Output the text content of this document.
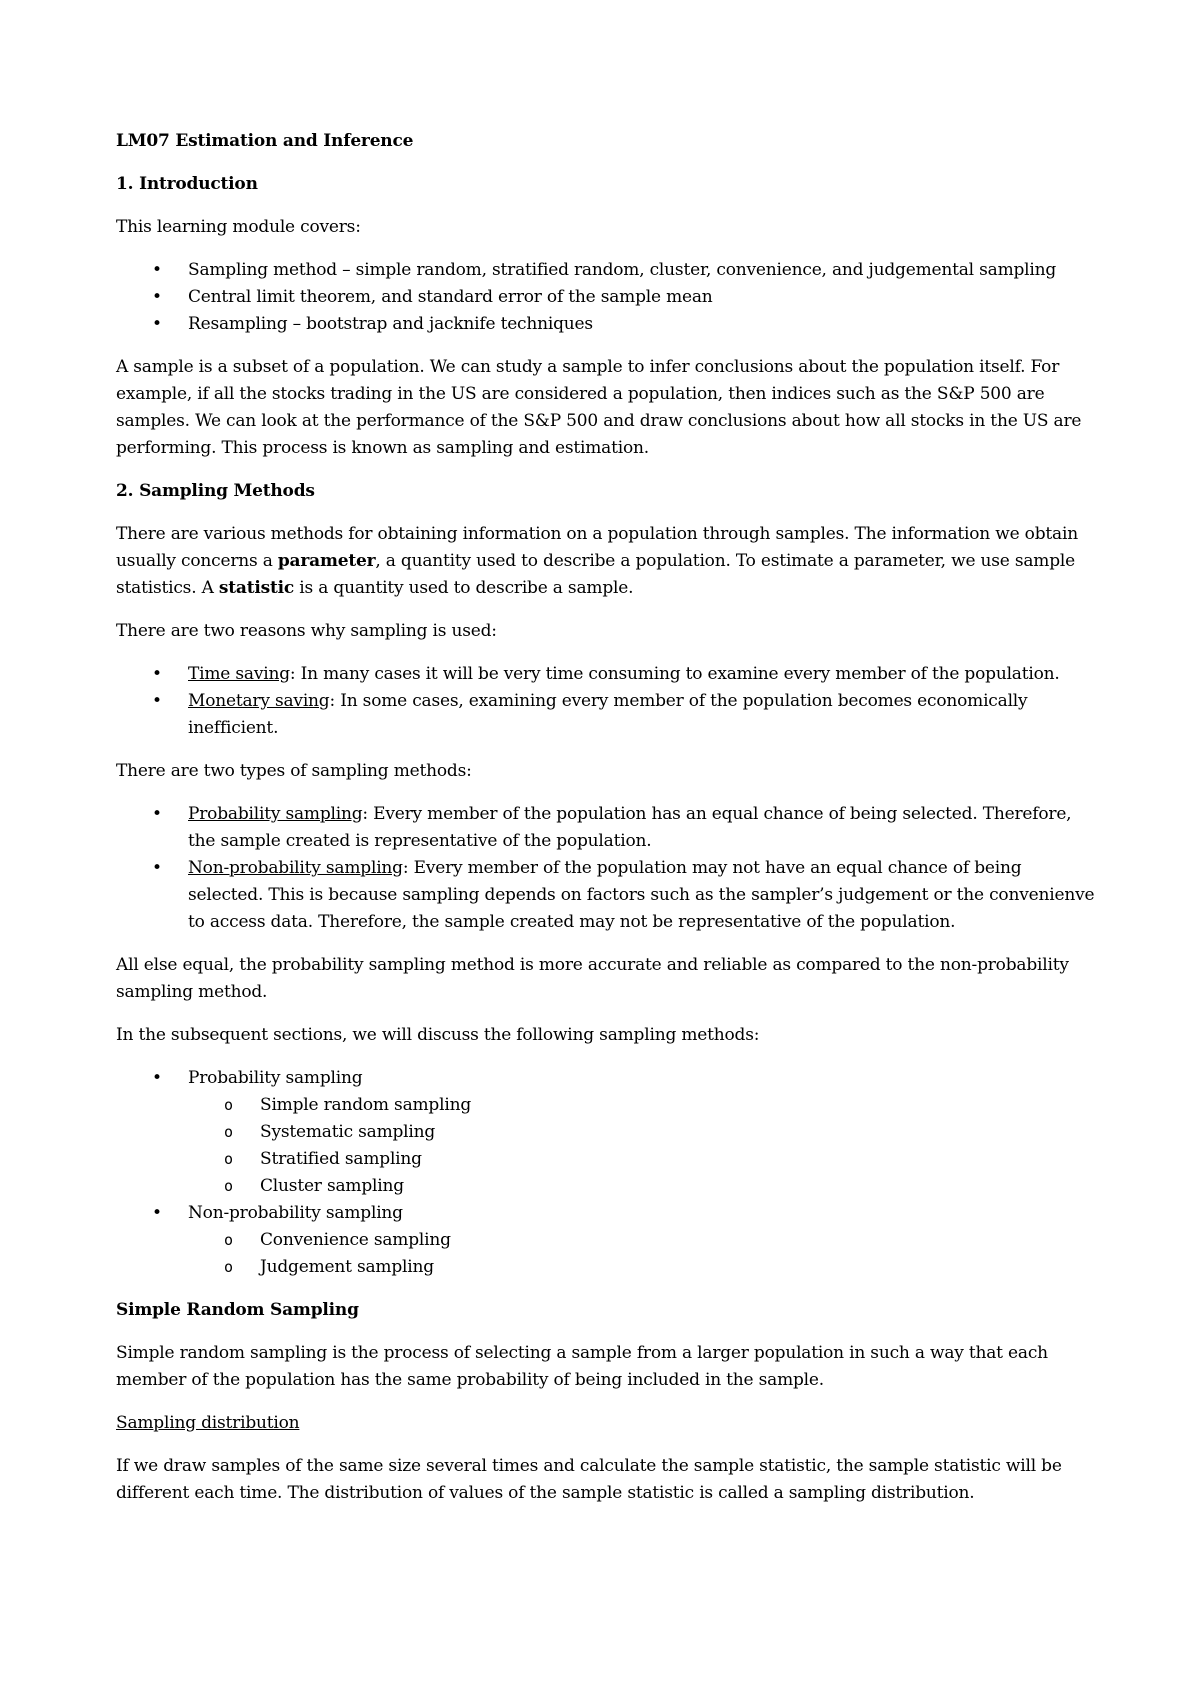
LM07 Estimation and Inference
1. Introduction

This learning module covers:

• Sampling method – simple random, stratified random, cluster, convenience, and judgemental sampling
• Central limit theorem, and standard error of the sample mean
• Resampling – bootstrap and jacknife techniques

A sample is a subset of a population. We can study a sample to infer conclusions about the population itself. For example, if all the stocks trading in the US are considered a population, then indices such as the S&P 500 are samples. We can look at the performance of the S&P 500 and draw conclusions about how all stocks in the US are performing. This process is known as sampling and estimation.

2. Sampling Methods

There are various methods for obtaining information on a population through samples. The information we obtain usually concerns a parameter, a quantity used to describe a population. To estimate a parameter, we use sample statistics. A statistic is a quantity used to describe a sample.

There are two reasons why sampling is used:

• Time saving: In many cases it will be very time consuming to examine every member of the population.
• Monetary saving: In some cases, examining every member of the population becomes economically inefficient.

There are two types of sampling methods:

• Probability sampling: Every member of the population has an equal chance of being selected. Therefore, the sample created is representative of the population.
• Non-probability sampling: Every member of the population may not have an equal chance of being selected. This is because sampling depends on factors such as the sampler’s judgement or the convenienve to access data. Therefore, the sample created may not be representative of the population.

All else equal, the probability sampling method is more accurate and reliable as compared to the non-probability sampling method.

In the subsequent sections, we will discuss the following sampling methods:

• Probability sampling
o Simple random sampling
o Systematic sampling
o Stratified sampling
o Cluster sampling
• Non-probability sampling
o Convenience sampling
o Judgement sampling
Simple Random Sampling

Simple random sampling is the process of selecting a sample from a larger population in such a way that each member of the population has the same probability of being included in the sample.

Sampling distribution

If we draw samples of the same size several times and calculate the sample statistic, the sample statistic will be different each time. The distribution of values of the sample statistic is called a sampling distribution.
